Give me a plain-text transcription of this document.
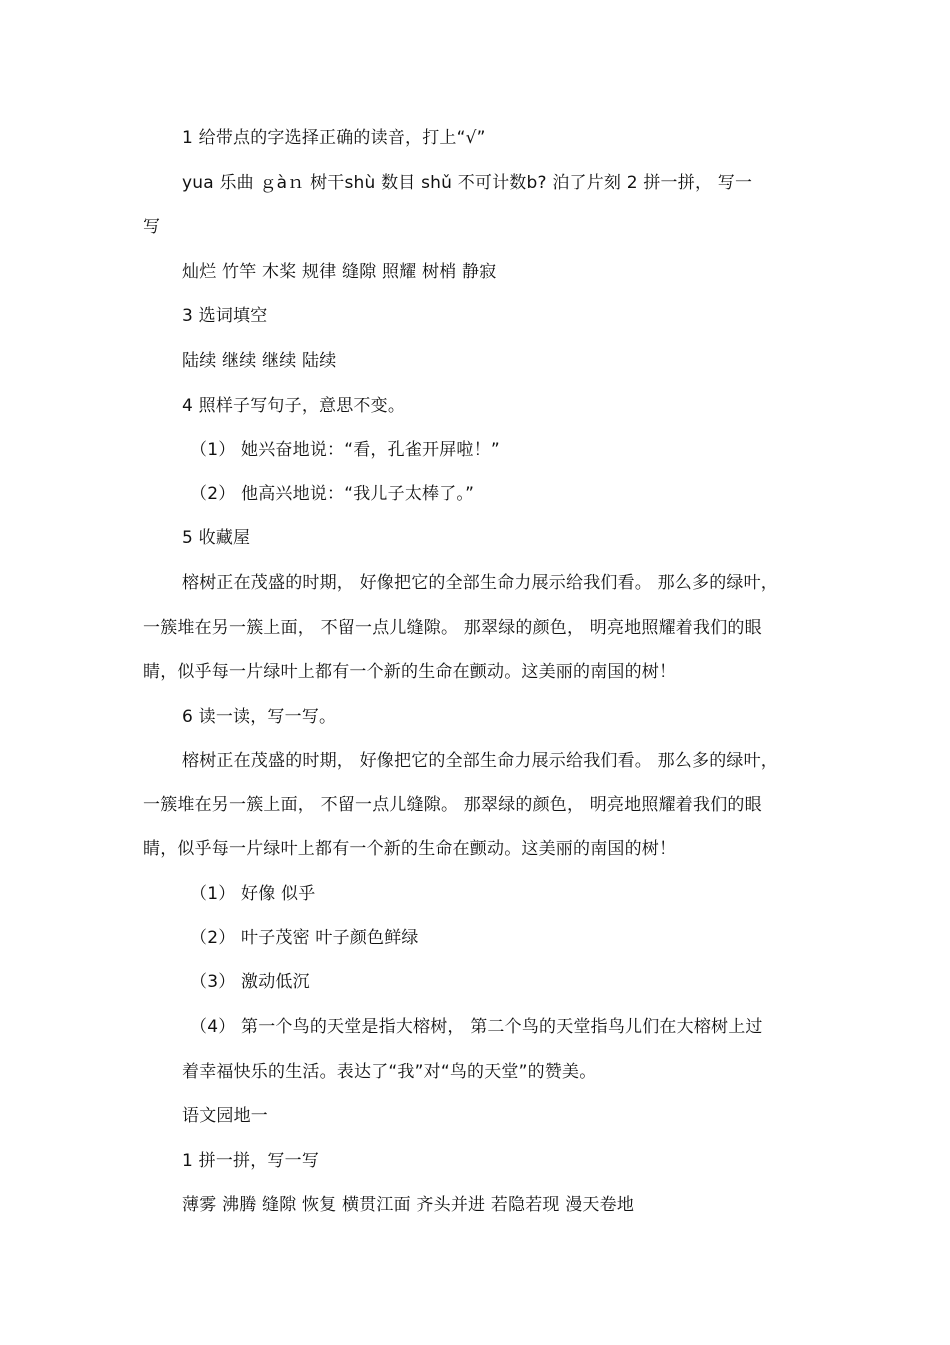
1 给带点的字选择正确的读音，打上“√”
yua 乐曲 ｇàｎ 树干shù 数目 shǔ 不可计数b? 泊了片刻 2 拼一拼， 写一
写
灿烂 竹竿 木桨 规律 缝隙 照耀 树梢 静寂
3 选词填空
陆续 继续 继续 陆续
4 照样子写句子，意思不变。
（1） 她兴奋地说：“看，孔雀开屏啦！”
（2） 他高兴地说：“我儿子太棒了。”
5 收藏屋
榕树正在茂盛的时期， 好像把它的全部生命力展示给我们看。 那么多的绿叶，
一簇堆在另一簇上面， 不留一点儿缝隙。 那翠绿的颜色， 明亮地照耀着我们的眼
睛，似乎每一片绿叶上都有一个新的生命在颤动。这美丽的南国的树！
6 读一读，写一写。
榕树正在茂盛的时期， 好像把它的全部生命力展示给我们看。 那么多的绿叶，
一簇堆在另一簇上面， 不留一点儿缝隙。 那翠绿的颜色， 明亮地照耀着我们的眼
睛，似乎每一片绿叶上都有一个新的生命在颤动。这美丽的南国的树！
（1） 好像 似乎
（2） 叶子茂密 叶子颜色鲜绿
（3） 激动低沉
（4） 第一个鸟的天堂是指大榕树， 第二个鸟的天堂指鸟儿们在大榕树上过
着幸福快乐的生活。表达了“我”对“鸟的天堂”的赞美。
语文园地一
1 拼一拼，写一写
薄雾 沸腾 缝隙 恢复 横贯江面 齐头并进 若隐若现 漫天卷地
